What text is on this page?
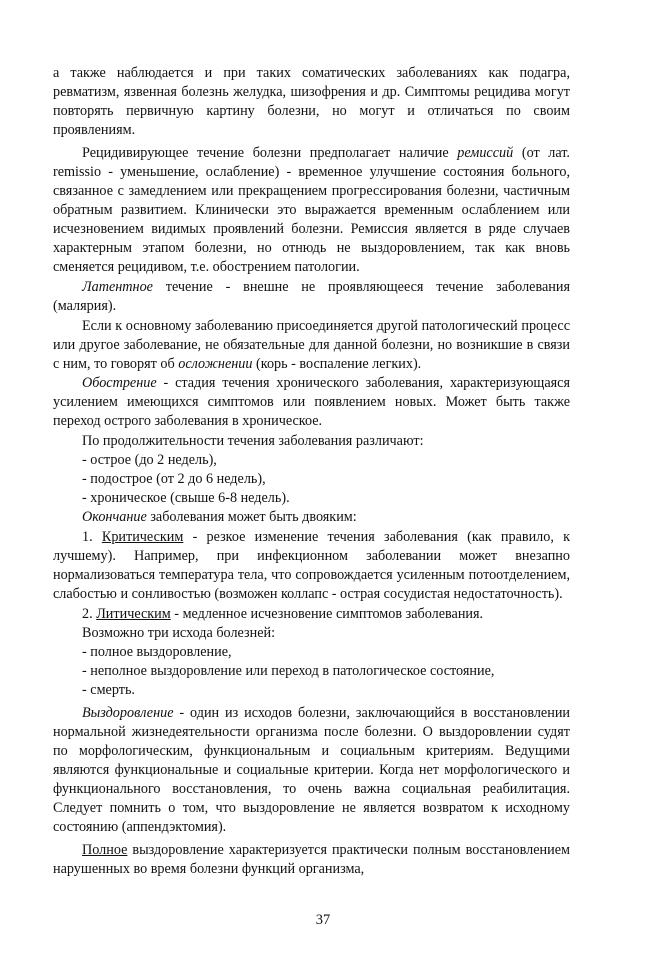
а также наблюдается и при таких соматических заболеваниях как подагра, ревматизм, язвенная болезнь желудка, шизофрения и др. Симптомы рецидива могут повторять первичную картину болезни, но могут и отличаться по своим проявлениям.

Рецидивирующее течение болезни предполагает наличие ремиссий (от лат. remissio - уменьшение, ослабление) - временное улучшение состояния больного, связанное с замедлением или прекращением прогрессирования болезни, частичным обратным развитием. Клинически это выражается временным ослаблением или исчезновением видимых проявлений болезни. Ремиссия является в ряде случаев характерным этапом болезни, но отнюдь не выздоровлением, так как вновь сменяется рецидивом, т.е. обострением патологии.

Латентное течение - внешне не проявляющееся течение заболевания (малярия).

Если к основному заболеванию присоединяется другой патологический процесс или другое заболевание, не обязательные для данной болезни, но возникшие в связи с ним, то говорят об осложнении (корь - воспаление легких).

Обострение - стадия течения хронического заболевания, характеризующаяся усилением имеющихся симптомов или появлением новых. Может быть также переход острого заболевания в хроническое.

По продолжительности течения заболевания различают:

- острое (до 2 недель),

- подострое (от 2 до 6 недель),

- хроническое (свыше 6-8 недель).

Окончание заболевания может быть двояким:

1. Критическим - резкое изменение течения заболевания (как правило, к лучшему). Например, при инфекционном заболевании может внезапно нормализоваться температура тела, что сопровождается усиленным потоотделением, слабостью и сонливостью (возможен коллапс - острая сосудистая недостаточность).

2. Литическим - медленное исчезновение симптомов заболевания.

Возможно три исхода болезней:

- полное выздоровление,

- неполное выздоровление или переход в патологическое состояние,

- смерть.

Выздоровление - один из исходов болезни, заключающийся в восстановлении нормальной жизнедеятельности организма после болезни. О выздоровлении судят по морфологическим, функциональным и социальным критериям. Ведущими являются функциональные и социальные критерии. Когда нет морфологического и функционального восстановления, то очень важна социальная реабилитация. Следует помнить о том, что выздоровление не является возвратом к исходному состоянию (аппендэктомия).

Полное выздоровление характеризуется практически полным восстановлением нарушенных во время болезни функций организма,

37
